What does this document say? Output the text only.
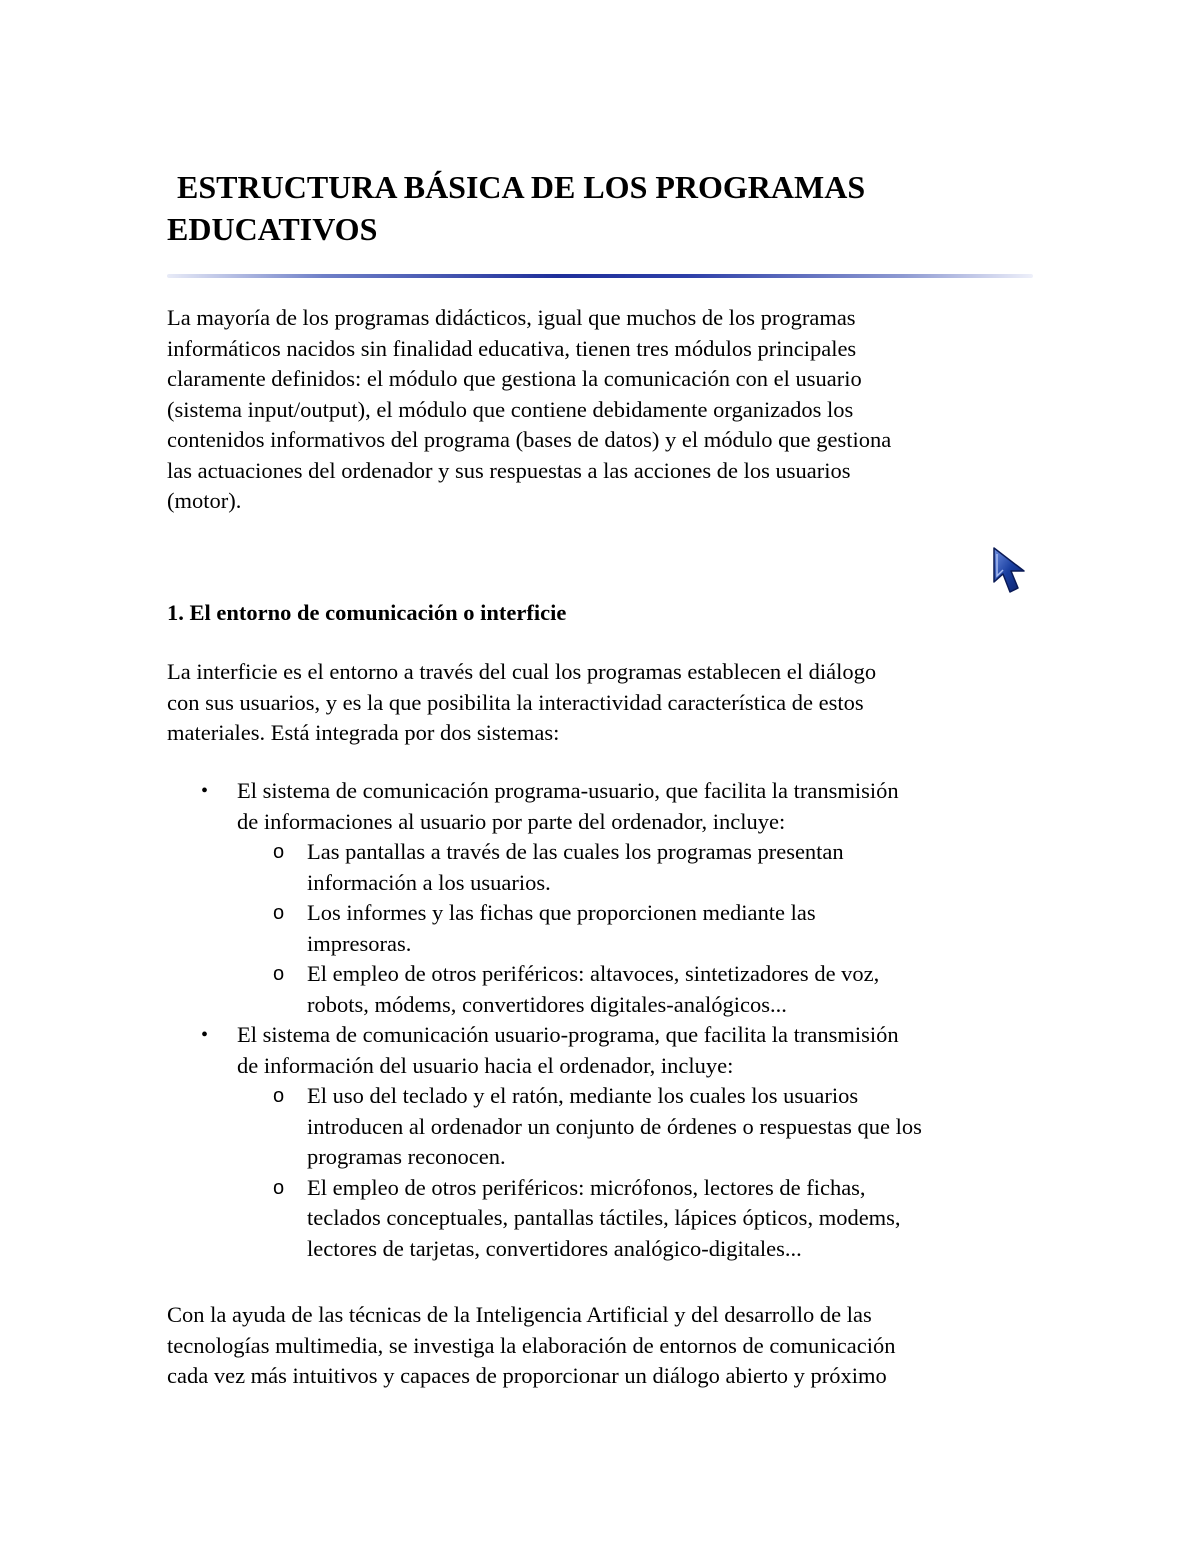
ESTRUCTURA BÁSICA DE LOS PROGRAMAS
EDUCATIVOS

La mayoría de los programas didácticos, igual que muchos de los programas
informáticos nacidos sin finalidad educativa, tienen tres módulos principales
claramente definidos: el módulo que gestiona la comunicación con el usuario
(sistema input/output), el módulo que contiene debidamente organizados los
contenidos informativos del programa (bases de datos) y el módulo que gestiona
las actuaciones del ordenador y sus respuestas a las acciones de los usuarios
(motor).

1. El entorno de comunicación o interficie

La interficie es el entorno a través del cual los programas establecen el diálogo
con sus usuarios, y es la que posibilita la interactividad característica de estos
materiales. Está integrada por dos sistemas:

• El sistema de comunicación programa-usuario, que facilita la transmisión
de informaciones al usuario por parte del ordenador, incluye:
o Las pantallas a través de las cuales los programas presentan
información a los usuarios.
o Los informes y las fichas que proporcionen mediante las
impresoras.
o El empleo de otros periféricos: altavoces, sintetizadores de voz,
robots, módems, convertidores digitales-analógicos...
• El sistema de comunicación usuario-programa, que facilita la transmisión
de información del usuario hacia el ordenador, incluye:
o El uso del teclado y el ratón, mediante los cuales los usuarios
introducen al ordenador un conjunto de órdenes o respuestas que los
programas reconocen.
o El empleo de otros periféricos: micrófonos, lectores de fichas,
teclados conceptuales, pantallas táctiles, lápices ópticos, modems,
lectores de tarjetas, convertidores analógico-digitales...

Con la ayuda de las técnicas de la Inteligencia Artificial y del desarrollo de las
tecnologías multimedia, se investiga la elaboración de entornos de comunicación
cada vez más intuitivos y capaces de proporcionar un diálogo abierto y próximo
